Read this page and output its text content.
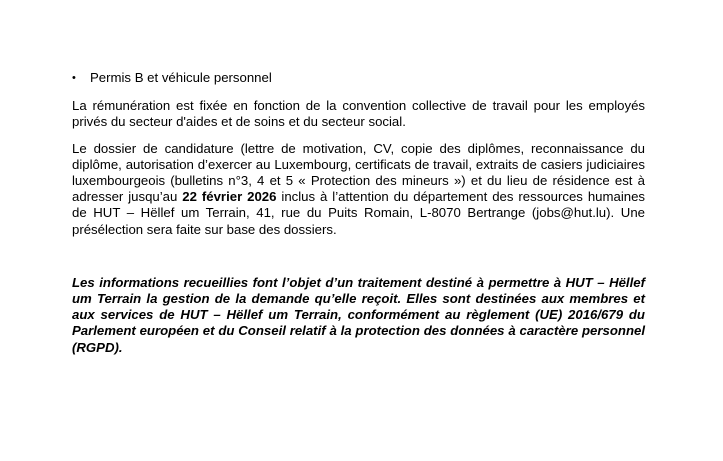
•	Permis B et véhicule personnel

La rémunération est fixée en fonction de la convention collective de travail pour les employés privés du secteur d'aides et de soins et du secteur social.

Le dossier de candidature (lettre de motivation, CV, copie des diplômes, reconnaissance du diplôme, autorisation d’exercer au Luxembourg, certificats de travail, extraits de casiers judiciaires luxembourgeois (bulletins n°3, 4 et 5 « Protection des mineurs ») et du lieu de résidence est à adresser jusqu’au 22 février 2026 inclus à l’attention du département des ressources humaines de HUT – Hëllef um Terrain, 41, rue du Puits Romain, L-8070 Bertrange (jobs@hut.lu). Une présélection sera faite sur base des dossiers.

Les informations recueillies font l’objet d’un traitement destiné à permettre à HUT – Hëllef um Terrain la gestion de la demande qu’elle reçoit. Elles sont destinées aux membres et aux services de HUT – Hëllef um Terrain, conformément au règlement (UE) 2016/679 du Parlement européen et du Conseil relatif à la protection des données à caractère personnel (RGPD).
